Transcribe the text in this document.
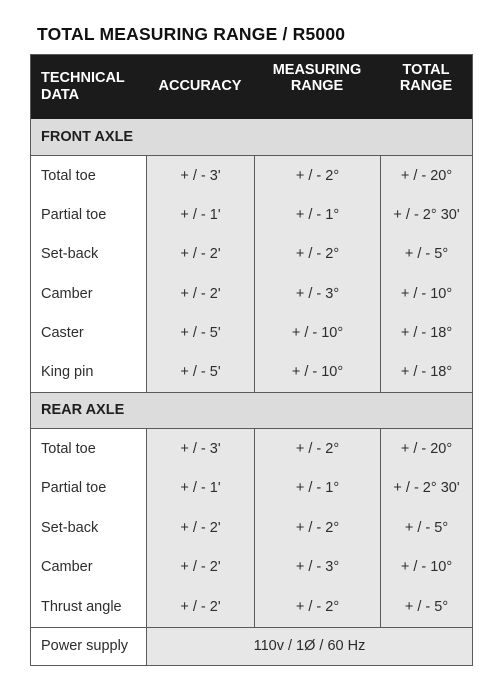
TOTAL MEASURING RANGE / R5000
TECHNICAL
DATA
ACCURACY
MEASURING
RANGE
TOTAL
RANGE
FRONT AXLE
Total toe
Partial toe
Set-back
Camber
Caster
King pin
+ / - 3'
+ / - 1'
+ / - 2'
+ / - 2'
+ / - 5'
+ / - 5'
+ / - 2°
+ / - 1°
+ / - 2°
+ / - 3°
+ / - 10°
+ / - 10°
+ / - 20°
+ / - 2° 30'
+ / - 5°
+ / - 10°
+ / - 18°
+ / - 18°
REAR AXLE
Total toe
Partial toe
Set-back
Camber
Thrust angle
+ / - 3'
+ / - 1'
+ / - 2'
+ / - 2'
+ / - 2'
+ / - 2°
+ / - 1°
+ / - 2°
+ / - 3°
+ / - 2°
+ / - 20°
+ / - 2° 30'
+ / - 5°
+ / - 10°
+ / - 5°
Power supply	110v / 1Ø / 60 Hz
